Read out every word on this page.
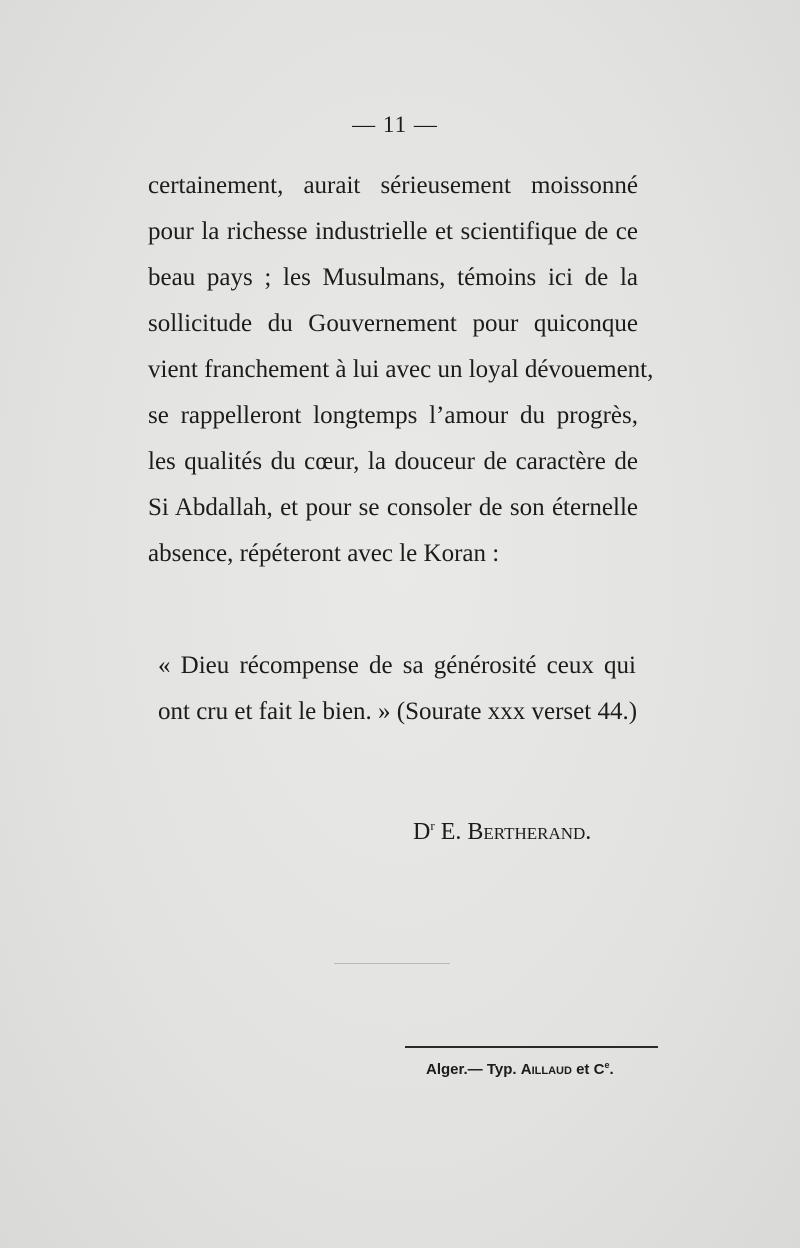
— 11 —
certainement, aurait sérieusement moissonné
pour la richesse industrielle et scientifique de ce
beau pays ; les Musulmans, témoins ici de la
sollicitude du Gouvernement pour quiconque
vient franchement à lui avec un loyal dévouement,
se rappelleront longtemps l’amour du progrès,
les qualités du cœur, la douceur de caractère de
Si Abdallah, et pour se consoler de son éternelle
absence, répéteront avec le Koran :
« Dieu récompense de sa générosité ceux qui
ont cru et fait le bien. » (Sourate xxx verset 44.)
$D^r$ E. Bertherand.
Alger.— Typ. Aillaud et Ce.
